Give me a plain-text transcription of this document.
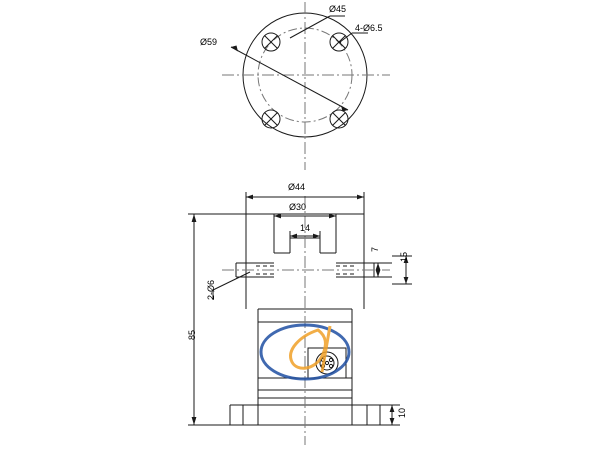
Ø59
Ø45
4-Ø6.5
Ø44
Ø30
14
7
15
2-Ø6
85
10
